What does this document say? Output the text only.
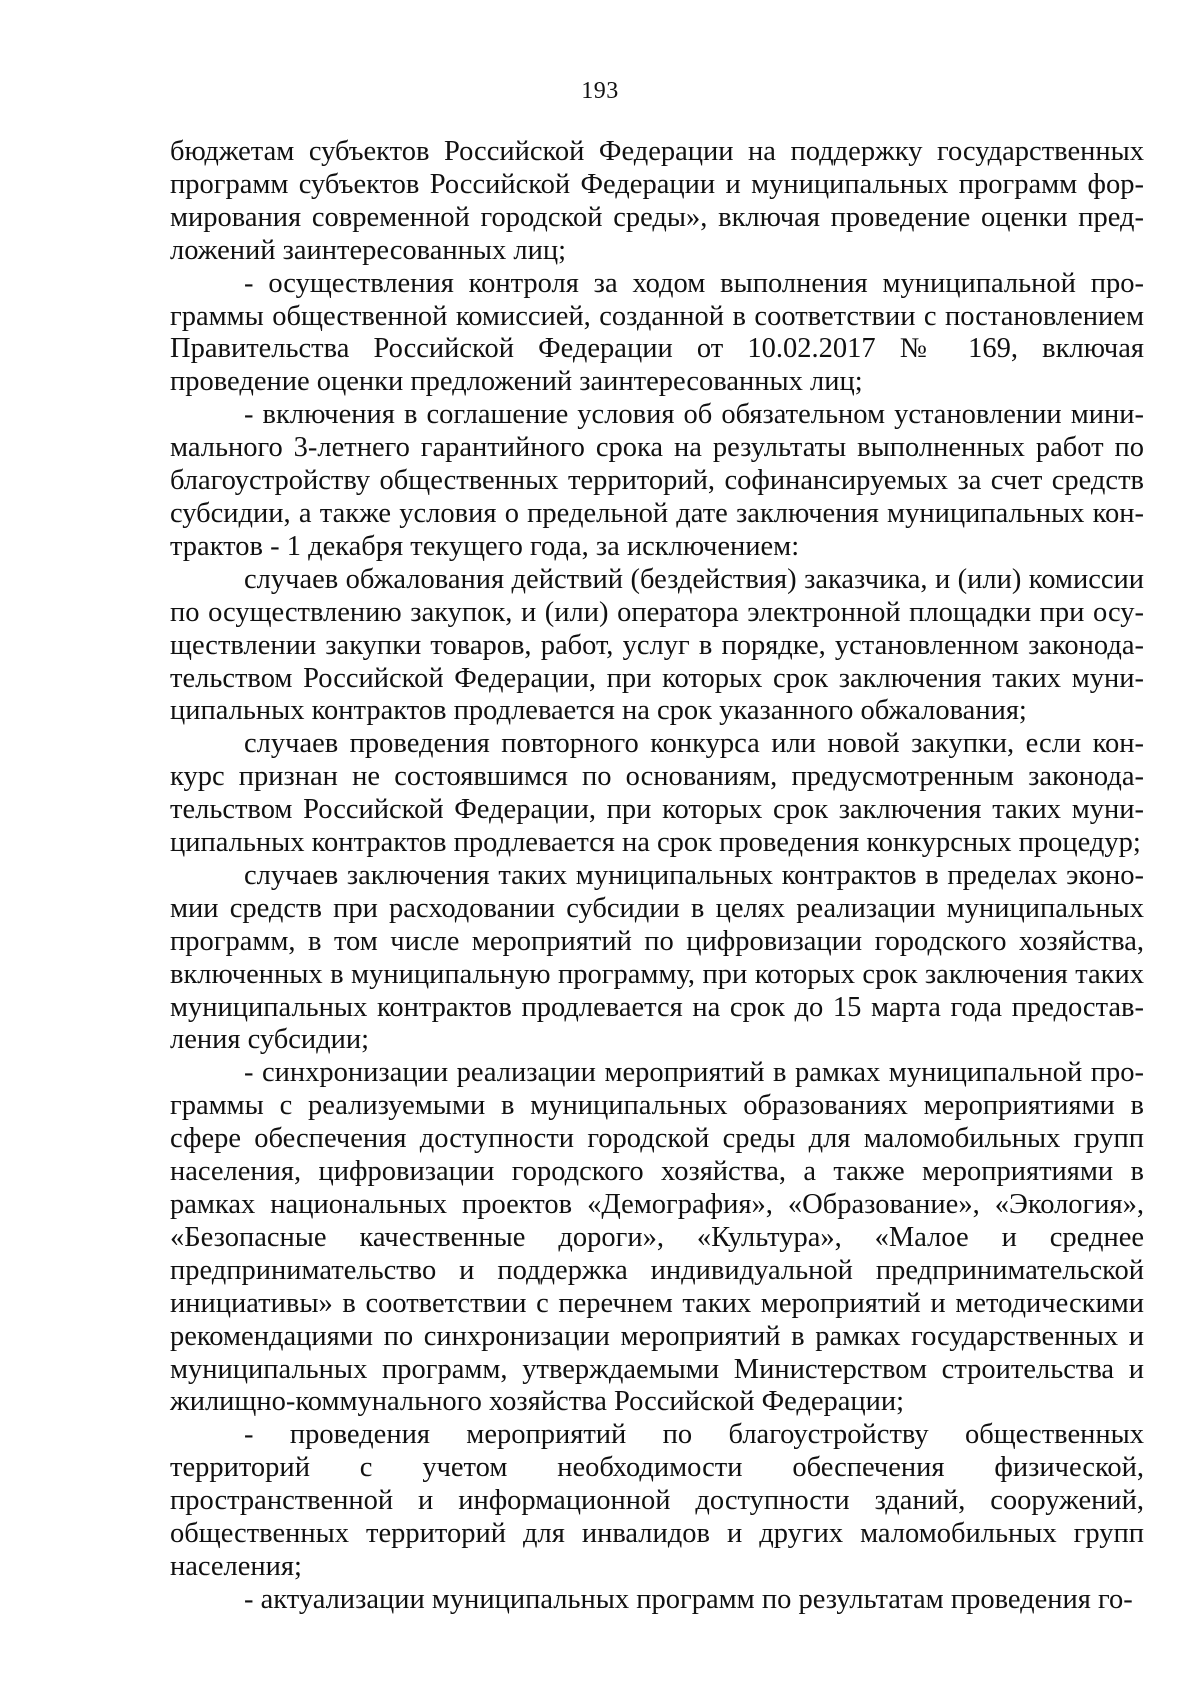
193

бюджетам субъектов Российской Федерации на поддержку государственных программ субъектов Российской Федерации и муниципальных программ формирования современной городской среды», включая проведение оценки предложений заинтересованных лиц;

- осуществления контроля за ходом выполнения муниципальной программы общественной комиссией, созданной в соответствии с постановлением Правительства Российской Федерации от 10.02.2017 № 169, включая проведение оценки предложений заинтересованных лиц;

- включения в соглашение условия об обязательном установлении минимального 3-летнего гарантийного срока на результаты выполненных работ по благоустройству общественных территорий, софинансируемых за счет средств субсидии, а также условия о предельной дате заключения муниципальных контрактов - 1 декабря текущего года, за исключением:

случаев обжалования действий (бездействия) заказчика, и (или) комиссии по осуществлению закупок, и (или) оператора электронной площадки при осуществлении закупки товаров, работ, услуг в порядке, установленном законодательством Российской Федерации, при которых срок заключения таких муниципальных контрактов продлевается на срок указанного обжалования;

случаев проведения повторного конкурса или новой закупки, если конкурс признан не состоявшимся по основаниям, предусмотренным законодательством Российской Федерации, при которых срок заключения таких муниципальных контрактов продлевается на срок проведения конкурсных процедур;

случаев заключения таких муниципальных контрактов в пределах экономии средств при расходовании субсидии в целях реализации муниципальных программ, в том числе мероприятий по цифровизации городского хозяйства, включенных в муниципальную программу, при которых срок заключения таких муниципальных контрактов продлевается на срок до 15 марта года предоставления субсидии;

- синхронизации реализации мероприятий в рамках муниципальной программы с реализуемыми в муниципальных образованиях мероприятиями в сфере обеспечения доступности городской среды для маломобильных групп населения, цифровизации городского хозяйства, а также мероприятиями в рамках национальных проектов «Демография», «Образование», «Экология», «Безопасные качественные дороги», «Культура», «Малое и среднее предпринимательство и поддержка индивидуальной предпринимательской инициативы» в соответствии с перечнем таких мероприятий и методическими рекомендациями по синхронизации мероприятий в рамках государственных и муниципальных программ, утверждаемыми Министерством строительства и жилищно-коммунального хозяйства Российской Федерации;

- проведения мероприятий по благоустройству общественных территорий с учетом необходимости обеспечения физической, пространственной и информационной доступности зданий, сооружений, общественных территорий для инвалидов и других маломобильных групп населения;

- актуализации муниципальных программ по результатам проведения го-
